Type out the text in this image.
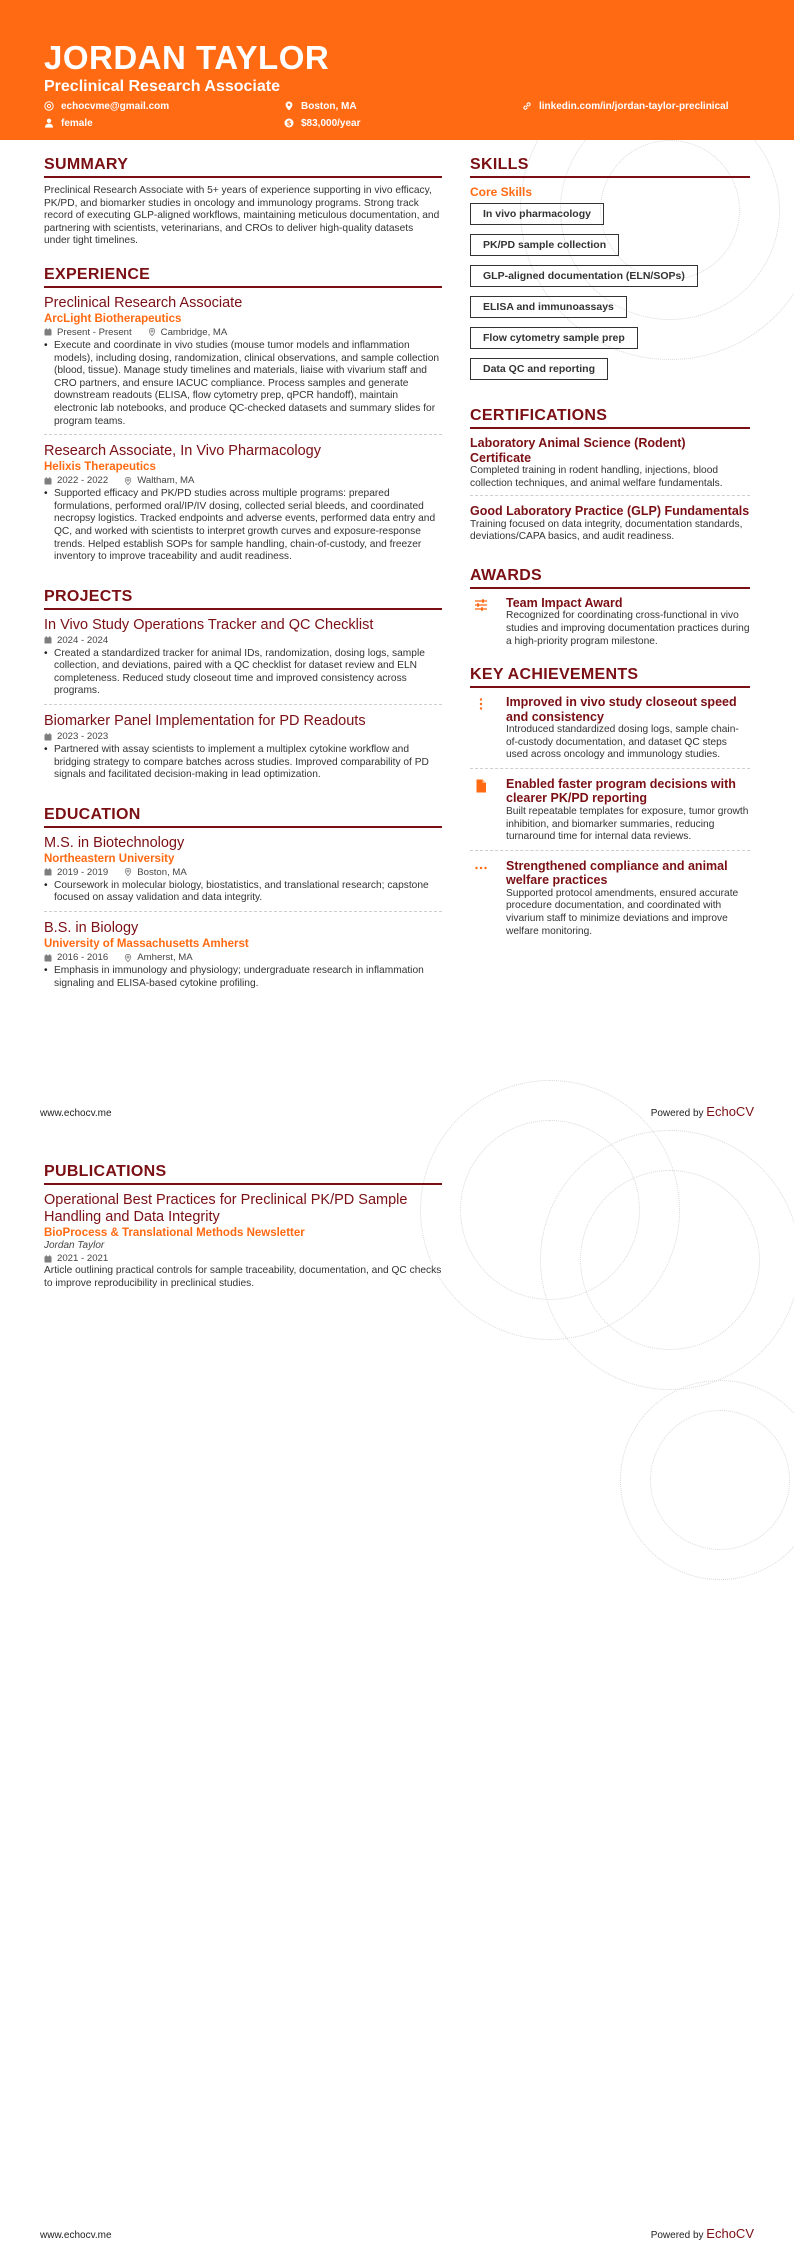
JORDAN TAYLOR
Preclinical Research Associate
echocvme@gmail.com	Boston, MA	linkedin.com/in/jordan-taylor-preclinical
female	$ $83,000/year
SUMMARY

Preclinical Research Associate with 5+ years of experience supporting in vivo efficacy, PK/PD, and biomarker studies in oncology and immunology programs. Strong track record of executing GLP-aligned workflows, maintaining meticulous documentation, and partnering with scientists, veterinarians, and CROs to deliver high-quality datasets under tight timelines.

EXPERIENCE
Preclinical Research Associate
ArcLight Biotherapeutics
Present - Present	Cambridge, MA
• Execute and coordinate in vivo studies (mouse tumor models and inflammation models), including dosing, randomization, clinical observations, and sample collection (blood, tissue). Manage study timelines and materials, liaise with vivarium staff and CRO partners, and ensure IACUC compliance. Process samples and generate downstream readouts (ELISA, flow cytometry prep, qPCR handoff), maintain electronic lab notebooks, and produce QC-checked datasets and summary slides for program teams.
Research Associate, In Vivo Pharmacology
Helixis Therapeutics
2022 - 2022	Waltham, MA
• Supported efficacy and PK/PD studies across multiple programs: prepared formulations, performed oral/IP/IV dosing, collected serial bleeds, and coordinated necropsy logistics. Tracked endpoints and adverse events, performed data entry and QC, and worked with scientists to interpret growth curves and exposure-response trends. Helped establish SOPs for sample handling, chain-of-custody, and freezer inventory to improve traceability and audit readiness.
PROJECTS
In Vivo Study Operations Tracker and QC Checklist
2024 - 2024
• Created a standardized tracker for animal IDs, randomization, dosing logs, sample collection, and deviations, paired with a QC checklist for dataset review and ELN completeness. Reduced study closeout time and improved consistency across programs.
Biomarker Panel Implementation for PD Readouts
2023 - 2023
• Partnered with assay scientists to implement a multiplex cytokine workflow and bridging strategy to compare batches across studies. Improved comparability of PD signals and facilitated decision-making in lead optimization.
EDUCATION
M.S. in Biotechnology
Northeastern University
2019 - 2019	Boston, MA
• Coursework in molecular biology, biostatistics, and translational research; capstone focused on assay validation and data integrity.
B.S. in Biology
University of Massachusetts Amherst
2016 - 2016	Amherst, MA
• Emphasis in immunology and physiology; undergraduate research in inflammation signaling and ELISA-based cytokine profiling.
SKILLS
Core Skills
In vivo pharmacology
PK/PD sample collection
GLP-aligned documentation (ELN/SOPs)
ELISA and immunoassays
Flow cytometry sample prep
Data QC and reporting
CERTIFICATIONS
Laboratory Animal Science (Rodent) Certificate

Completed training in rodent handling, injections, blood collection techniques, and animal welfare fundamentals.

Good Laboratory Practice (GLP) Fundamentals

Training focused on data integrity, documentation standards, deviations/CAPA basics, and audit readiness.

AWARDS
Team Impact Award

Recognized for coordinating cross-functional in vivo studies and improving documentation practices during a high-priority program milestone.

KEY ACHIEVEMENTS
Improved in vivo study closeout speed and consistency

Introduced standardized dosing logs, sample chain-of-custody documentation, and dataset QC steps used across oncology and immunology studies.

Enabled faster program decisions with clearer PK/PD reporting

Built repeatable templates for exposure, tumor growth inhibition, and biomarker summaries, reducing turnaround time for internal data reviews.

Strengthened compliance and animal welfare practices

Supported protocol amendments, ensured accurate procedure documentation, and coordinated with vivarium staff to minimize deviations and improve welfare monitoring.

www.echocv.me	Powered by EchoCV
PUBLICATIONS
Operational Best Practices for Preclinical PK/PD Sample Handling and Data Integrity
BioProcess & Translational Methods Newsletter
Jordan Taylor
2021 - 2021

Article outlining practical controls for sample traceability, documentation, and QC checks to improve reproducibility in preclinical studies.

www.echocv.me	Powered by EchoCV
